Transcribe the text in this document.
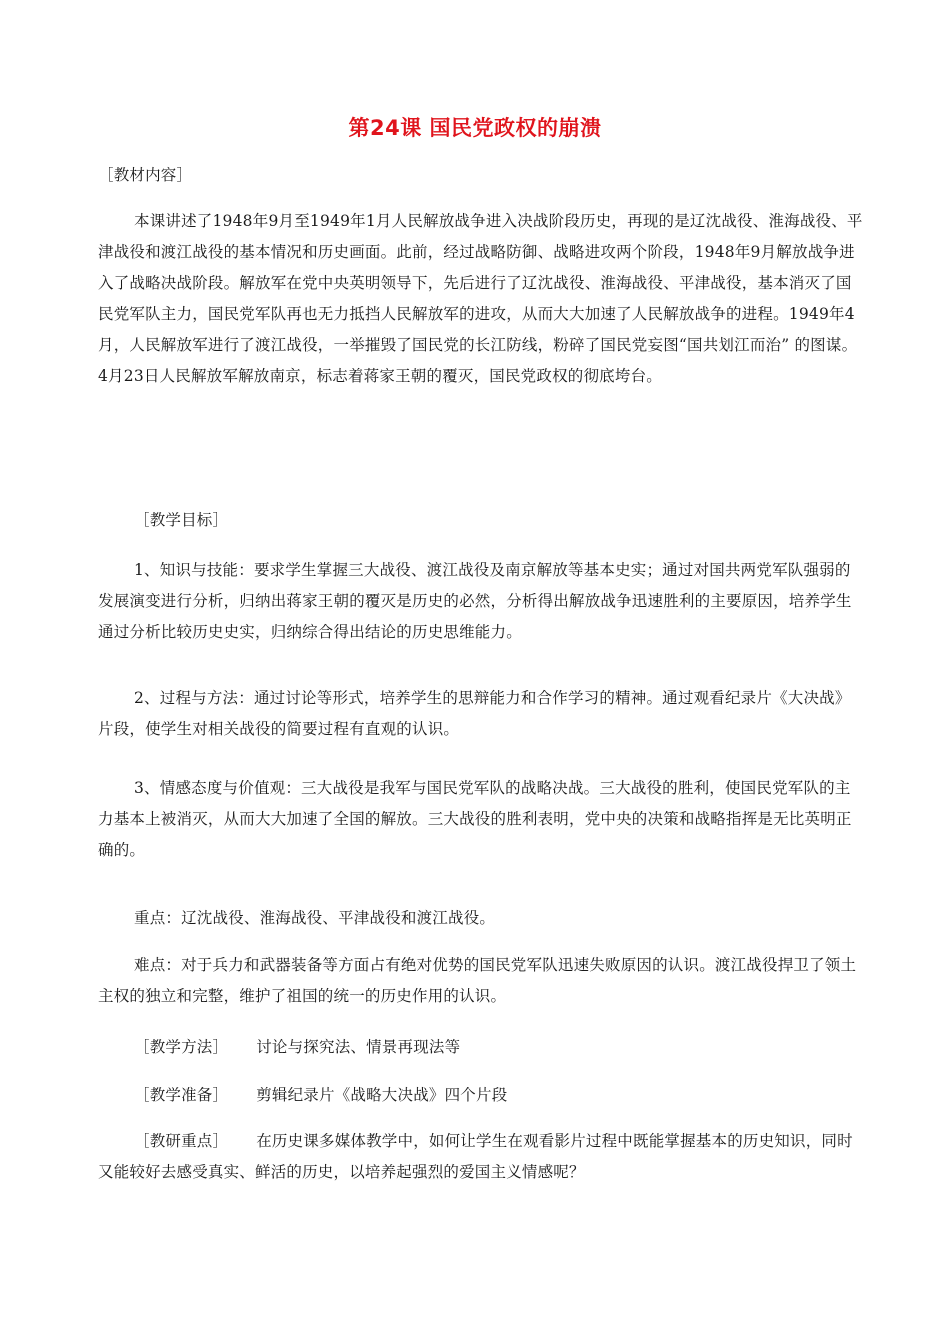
第24课 国民党政权的崩溃
［教材内容］
本课讲述了1948年9月至1949年1月人民解放战争进入决战阶段历史，再现的是辽沈战役、淮海战役、平津战役和渡江战役的基本情况和历史画面。此前，经过战略防御、战略进攻两个阶段，1948年9月解放战争进入了战略决战阶段。解放军在党中央英明领导下，先后进行了辽沈战役、淮海战役、平津战役，基本消灭了国民党军队主力，国民党军队再也无力抵挡人民解放军的进攻，从而大大加速了人民解放战争的进程。1949年4月，人民解放军进行了渡江战役，一举摧毁了国民党的长江防线，粉碎了国民党妄图“国共划江而治” 的图谋。4月23日人民解放军解放南京，标志着蒋家王朝的覆灭，国民党政权的彻底垮台。
［教学目标］
1、知识与技能：要求学生掌握三大战役、渡江战役及南京解放等基本史实；通过对国共两党军队强弱的发展演变进行分析，归纳出蒋家王朝的覆灭是历史的必然，分析得出解放战争迅速胜利的主要原因，培养学生通过分析比较历史史实，归纳综合得出结论的历史思维能力。
2、过程与方法：通过讨论等形式，培养学生的思辩能力和合作学习的精神。通过观看纪录片《大决战》片段，使学生对相关战役的简要过程有直观的认识。
3、情感态度与价值观：三大战役是我军与国民党军队的战略决战。三大战役的胜利，使国民党军队的主力基本上被消灭，从而大大加速了全国的解放。三大战役的胜利表明，党中央的决策和战略指挥是无比英明正确的。
重点：辽沈战役、淮海战役、平津战役和渡江战役。
难点：对于兵力和武器装备等方面占有绝对优势的国民党军队迅速失败原因的认识。渡江战役捍卫了领土主权的独立和完整，维护了祖国的统一的历史作用的认识。
［教学方法］ 讨论与探究法、情景再现法等
［教学准备］ 剪辑纪录片《战略大决战》四个片段
［教研重点］ 在历史课多媒体教学中，如何让学生在观看影片过程中既能掌握基本的历史知识，同时又能较好去感受真实、鲜活的历史，以培养起强烈的爱国主义情感呢？
